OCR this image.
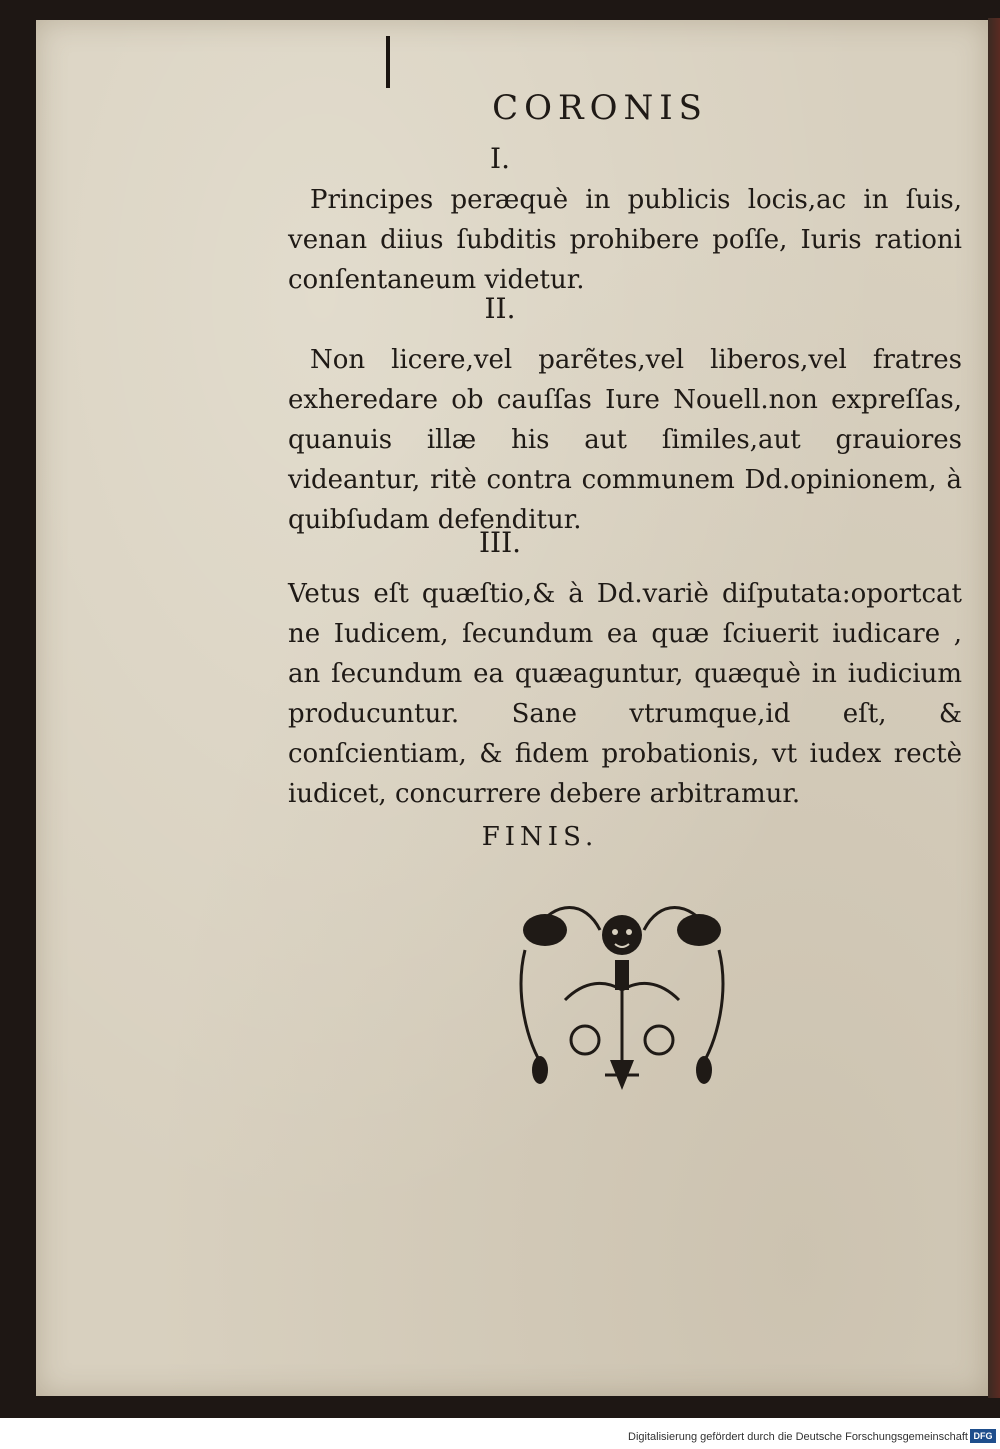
CORONIS
I.
Principes peræquè in publicis locis,ac in ſuis, venan diius ſubditis prohibere poſſe, Iuris rationi conſentaneum videtur.
II.
Non licere,vel parẽtes,vel liberos,vel fratres exheredare ob cauſſas Iure Nouell.non expreſſas, quanuis illæ his aut ſimiles,aut grauiores videantur, ritè contra communem Dd.opinionem, à quibſudam defenditur.
III.
Vetus eſt quæſtio,& à Dd.variè diſputata:oportcat ne Iudicem, ſecundum ea quæ ſciuerit iudicare , an ſecundum ea quæaguntur, quæquè in iudicium producuntur. Sane vtrumque,id eſt, & conſcientiam, & fidem probationis, vt iudex rectè iudicet, concurrere debere arbitramur.
FINIS.
Digitalisierung gefördert durch die Deutsche Forschungsgemeinschaft DFG
